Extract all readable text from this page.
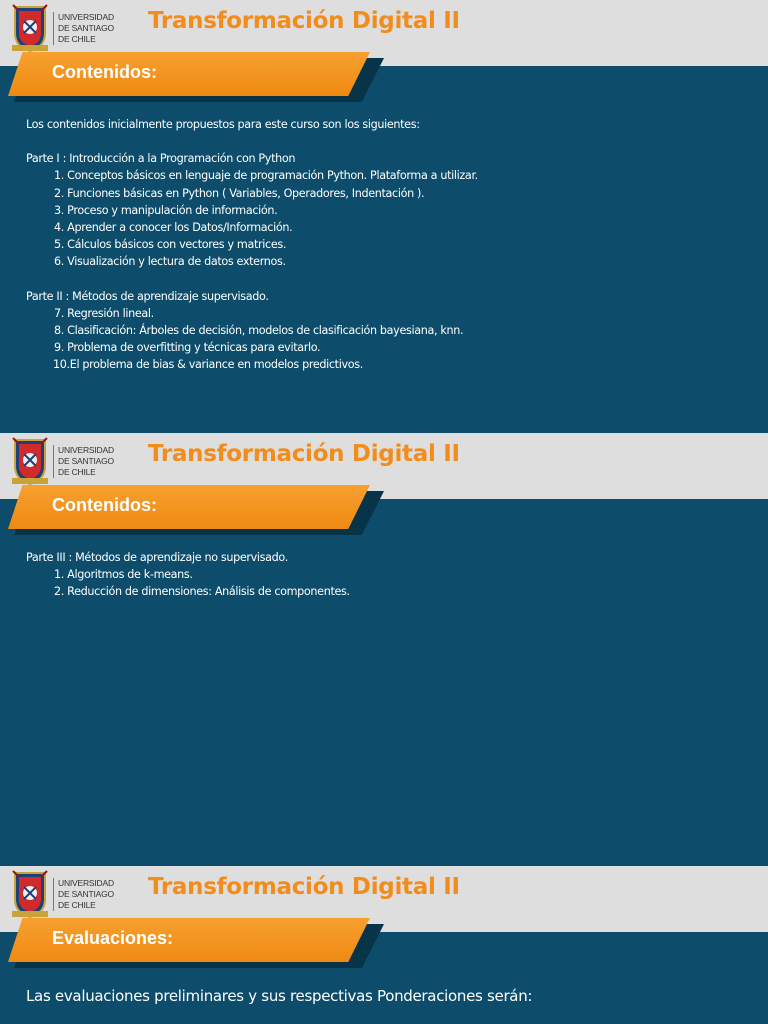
UNIVERSIDAD
DE SANTIAGO
DE CHILE
Transformación Digital II
Contenidos:

Los contenidos inicialmente propuestos para este curso son los siguientes:

Parte I : Introducción a la Programación con Python

1. Conceptos básicos en lenguaje de programación Python. Plataforma a utilizar.

2. Funciones básicas en Python ( Variables, Operadores, Indentación ).

3. Proceso y manipulación de información.

4. Aprender a conocer los Datos/Información.

5. Cálculos básicos con vectores y matrices.

6. Visualización y lectura de datos externos.

Parte II : Métodos de aprendizaje supervisado.

7. Regresión lineal.

8. Clasificación: Árboles de decisión, modelos de clasificación bayesiana, knn.

9. Problema de overfitting y técnicas para evitarlo.

10.El problema de bias & variance en modelos predictivos.

UNIVERSIDAD
DE SANTIAGO
DE CHILE
Transformación Digital II
Contenidos:

Parte III : Métodos de aprendizaje no supervisado.

1. Algoritmos de k-means.

2. Reducción de dimensiones: Análisis de componentes.

UNIVERSIDAD
DE SANTIAGO
DE CHILE
Transformación Digital II
Evaluaciones:

Las evaluaciones preliminares y sus respectivas Ponderaciones serán:
